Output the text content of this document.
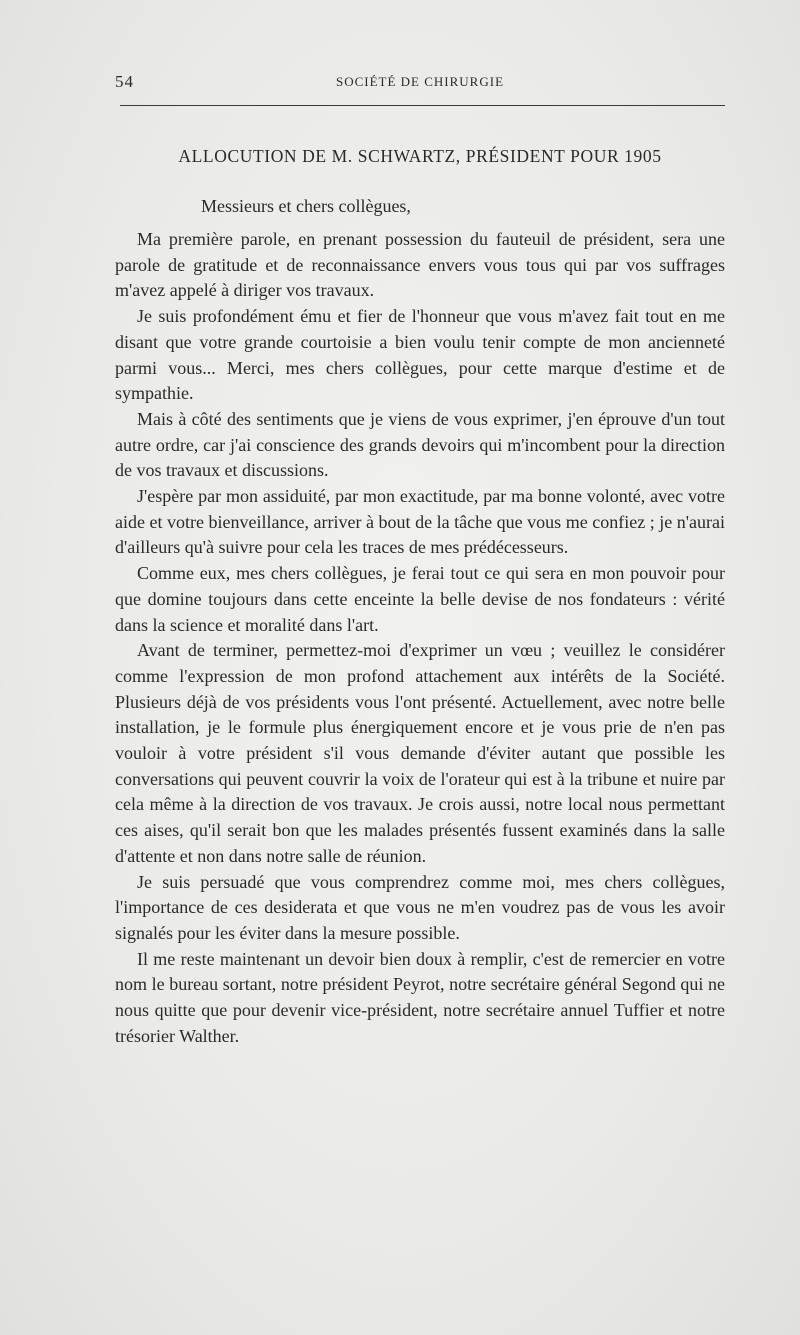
54	SOCIÉTÉ DE CHIRURGIE
ALLOCUTION DE M. SCHWARTZ, PRÉSIDENT POUR 1905

Messieurs et chers collègues,

Ma première parole, en prenant possession du fauteuil de président, sera une parole de gratitude et de reconnaissance envers vous tous qui par vos suffrages m'avez appelé à diriger vos travaux.

Je suis profondément ému et fier de l'honneur que vous m'avez fait tout en me disant que votre grande courtoisie a bien voulu tenir compte de mon ancienneté parmi vous... Merci, mes chers collègues, pour cette marque d'estime et de sympathie.

Mais à côté des sentiments que je viens de vous exprimer, j'en éprouve d'un tout autre ordre, car j'ai conscience des grands devoirs qui m'incombent pour la direction de vos travaux et discussions.

J'espère par mon assiduité, par mon exactitude, par ma bonne volonté, avec votre aide et votre bienveillance, arriver à bout de la tâche que vous me confiez ; je n'aurai d'ailleurs qu'à suivre pour cela les traces de mes prédécesseurs.

Comme eux, mes chers collègues, je ferai tout ce qui sera en mon pouvoir pour que domine toujours dans cette enceinte la belle devise de nos fondateurs : vérité dans la science et moralité dans l'art.

Avant de terminer, permettez-moi d'exprimer un vœu ; veuillez le considérer comme l'expression de mon profond attachement aux intérêts de la Société. Plusieurs déjà de vos présidents vous l'ont présenté. Actuellement, avec notre belle installation, je le formule plus énergiquement encore et je vous prie de n'en pas vouloir à votre président s'il vous demande d'éviter autant que possible les conversations qui peuvent couvrir la voix de l'orateur qui est à la tribune et nuire par cela même à la direction de vos travaux. Je crois aussi, notre local nous permettant ces aises, qu'il serait bon que les malades présentés fussent examinés dans la salle d'attente et non dans notre salle de réunion.

Je suis persuadé que vous comprendrez comme moi, mes chers collègues, l'importance de ces desiderata et que vous ne m'en voudrez pas de vous les avoir signalés pour les éviter dans la mesure possible.

Il me reste maintenant un devoir bien doux à remplir, c'est de remercier en votre nom le bureau sortant, notre président Peyrot, notre secrétaire général Segond qui ne nous quitte que pour devenir vice-président, notre secrétaire annuel Tuffier et notre trésorier Walther.
